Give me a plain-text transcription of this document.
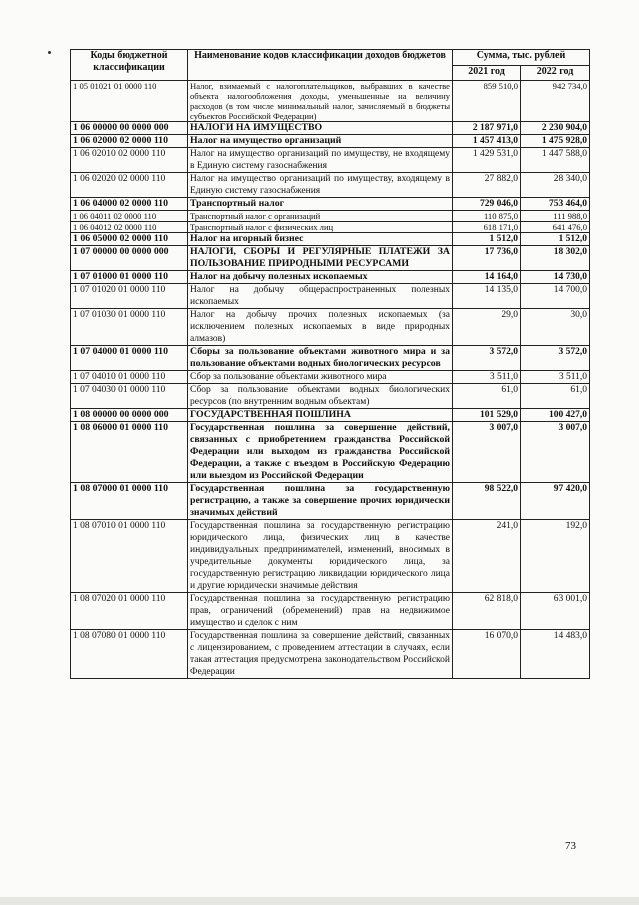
Коды бюджетной классификации	Наименование кодов классификации доходов бюджетов	Сумма, тыс. рублей	
		2021 год	2022 год
1 05 01021 01 0000 110	Налог, взимаемый с налогоплательщиков, выбравших в качестве объекта налогообложения доходы, уменьшенные на величину расходов (в том числе минимальный налог, зачисляемый в бюджеты субъектов Российской Федерации)	859 510,0	942 734,0
1 06 00000 00 0000 000	НАЛОГИ НА ИМУЩЕСТВО	2 187 971,0	2 230 904,0
1 06 02000 02 0000 110	Налог на имущество организаций	1 457 413,0	1 475 928,0
1 06 02010 02 0000 110	Налог на имущество организаций по имуществу, не входящему в Единую систему газоснабжения	1 429 531,0	1 447 588,0
1 06 02020 02 0000 110	Налог на имущество организаций по имуществу, входящему в Единую систему газоснабжения	27 882,0	28 340,0
1 06 04000 02 0000 110	Транспортный налог	729 046,0	753 464,0
1 06 04011 02 0000 110	Транспортный налог с организаций	110 875,0	111 988,0
1 06 04012 02 0000 110	Транспортный налог с физических лиц	618 171,0	641 476,0
1 06 05000 02 0000 110	Налог на игорный бизнес	1 512,0	1 512,0
1 07 00000 00 0000 000	НАЛОГИ, СБОРЫ И РЕГУЛЯРНЫЕ ПЛАТЕЖИ ЗА ПОЛЬЗОВАНИЕ ПРИРОДНЫМИ РЕСУРСАМИ	17 736,0	18 302,0
1 07 01000 01 0000 110	Налог на добычу полезных ископаемых	14 164,0	14 730,0
1 07 01020 01 0000 110	Налог на добычу общераспространенных полезных ископаемых	14 135,0	14 700,0
1 07 01030 01 0000 110	Налог на добычу прочих полезных ископаемых (за исключением полезных ископаемых в виде природных алмазов)	29,0	30,0
1 07 04000 01 0000 110	Сборы за пользование объектами животного мира и за пользование объектами водных биологических ресурсов	3 572,0	3 572,0
1 07 04010 01 0000 110	Сбор за пользование объектами животного мира	3 511,0	3 511,0
1 07 04030 01 0000 110	Сбор за пользование объектами водных биологических ресурсов (по внутренним водным объектам)	61,0	61,0
1 08 00000 00 0000 000	ГОСУДАРСТВЕННАЯ ПОШЛИНА	101 529,0	100 427,0
1 08 06000 01 0000 110	Государственная пошлина за совершение действий, связанных с приобретением гражданства Российской Федерации или выходом из гражданства Российской Федерации, а также с въездом в Российскую Федерацию или выездом из Российской Федерации	3 007,0	3 007,0
1 08 07000 01 0000 110	Государственная пошлина за государственную регистрацию, а также за совершение прочих юридически значимых действий	98 522,0	97 420,0
1 08 07010 01 0000 110	Государственная пошлина за государственную регистрацию юридического лица, физических лиц в качестве индивидуальных предпринимателей, изменений, вносимых в учредительные документы юридического лица, за государственную регистрацию ликвидации юридического лица и другие юридически значимые действия	241,0	192,0
1 08 07020 01 0000 110	Государственная пошлина за государственную регистрацию прав, ограничений (обременений) прав на недвижимое имущество и сделок с ним	62 818,0	63 001,0
1 08 07080 01 0000 110	Государственная пошлина за совершение действий, связанных с лицензированием, с проведением аттестации в случаях, если такая аттестация предусмотрена законодательством Российской Федерации	16 070,0	14 483,0
73
